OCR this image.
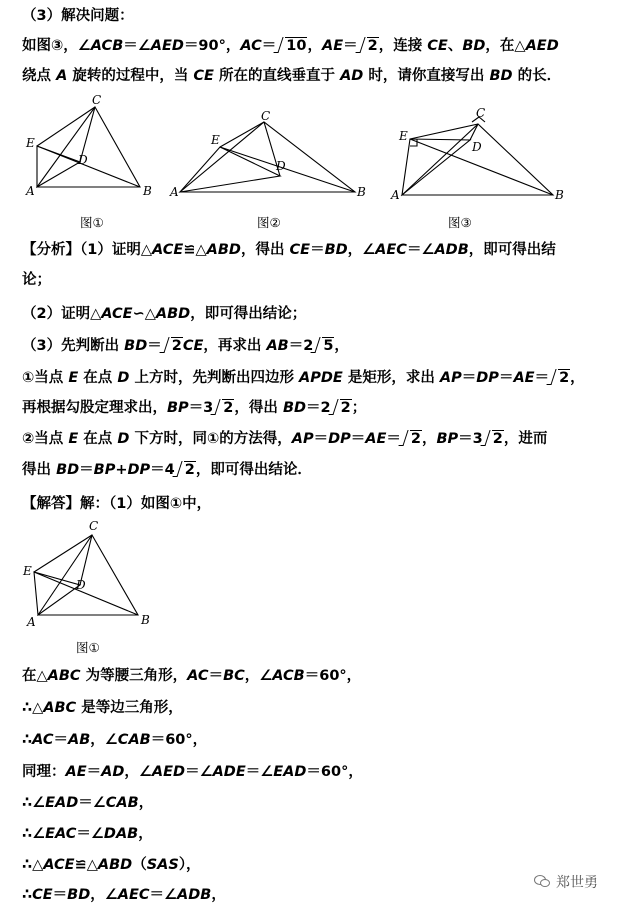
（3）解决问题：
如图③，∠ACB＝∠AED＝90°，AC＝ 10，AE＝ 2，连接 CE、BD，在△AED
绕点 A 旋转的过程中，当 CE 所在的直线垂直于 AD 时，请你直接写出 BD 的长．
A	B
C
D
E
A	B
C
D
E
A	B
C
D
E
图①	图②	图③
【分析】（1）证明△ACE≌△ABD，得出 CE＝BD，∠AEC＝∠ADB，即可得出结
论；
（2）证明△ACE∽△ABD，即可得出结论；
（3）先判断出 BD＝ 2CE，再求出 AB＝2 5，
①当点 E 在点 D 上方时，先判断出四边形 APDE 是矩形，求出 AP＝DP＝AE＝ 2，
再根据勾股定理求出，BP＝3 2，得出 BD＝2 2；
②当点 E 在点 D 下方时，同①的方法得，AP＝DP＝AE＝ 2，BP＝3 2，进而
得出 BD＝BP+DP＝4 2，即可得出结论．
【解答】解：（1）如图①中，
A	B
C
D
E
图①
在△ABC 为等腰三角形，AC＝BC，∠ACB＝60°，
∴△ABC 是等边三角形，
∴AC＝AB，∠CAB＝60°，
同理：AE＝AD，∠AED＝∠ADE＝∠EAD＝60°，
∴∠EAD＝∠CAB，
∴∠EAC＝∠DAB，
∴△ACE≌△ABD（SAS），
∴CE＝BD，∠AEC＝∠ADB，
郑世勇
